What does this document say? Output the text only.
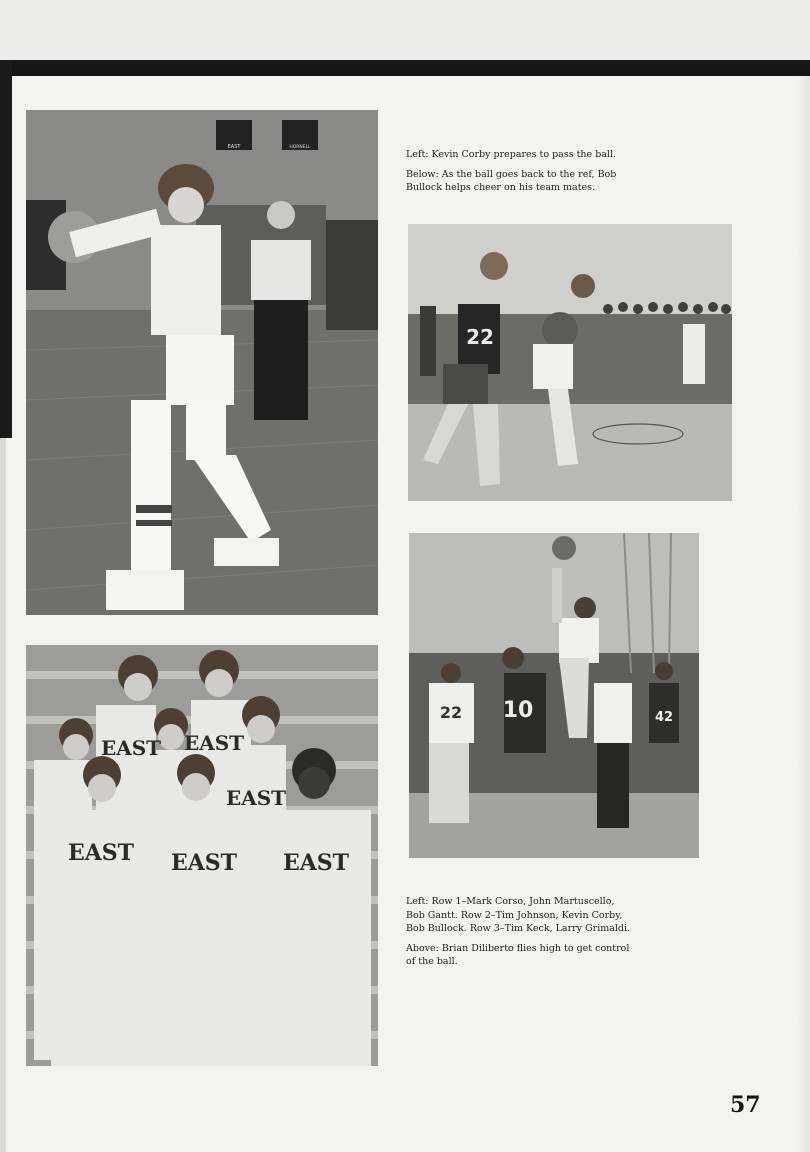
EAST	HORNELL
22
EAST EAST
EAST
EAST EAST EAST
10
22	42

Left: Kevin Corby prepares to pass the ball.

Below: As the ball goes back to the ref, Bob Bullock helps cheer on his team mates.

Left: Row 1–Mark Corso, John Martuscello, Bob Gantt. Row 2–Tim Johnson, Kevin Corby, Bob Bullock. Row 3–Tim Keck, Larry Grimaldi.

Above: Brian Diliberto flies high to get control of the ball.

57
